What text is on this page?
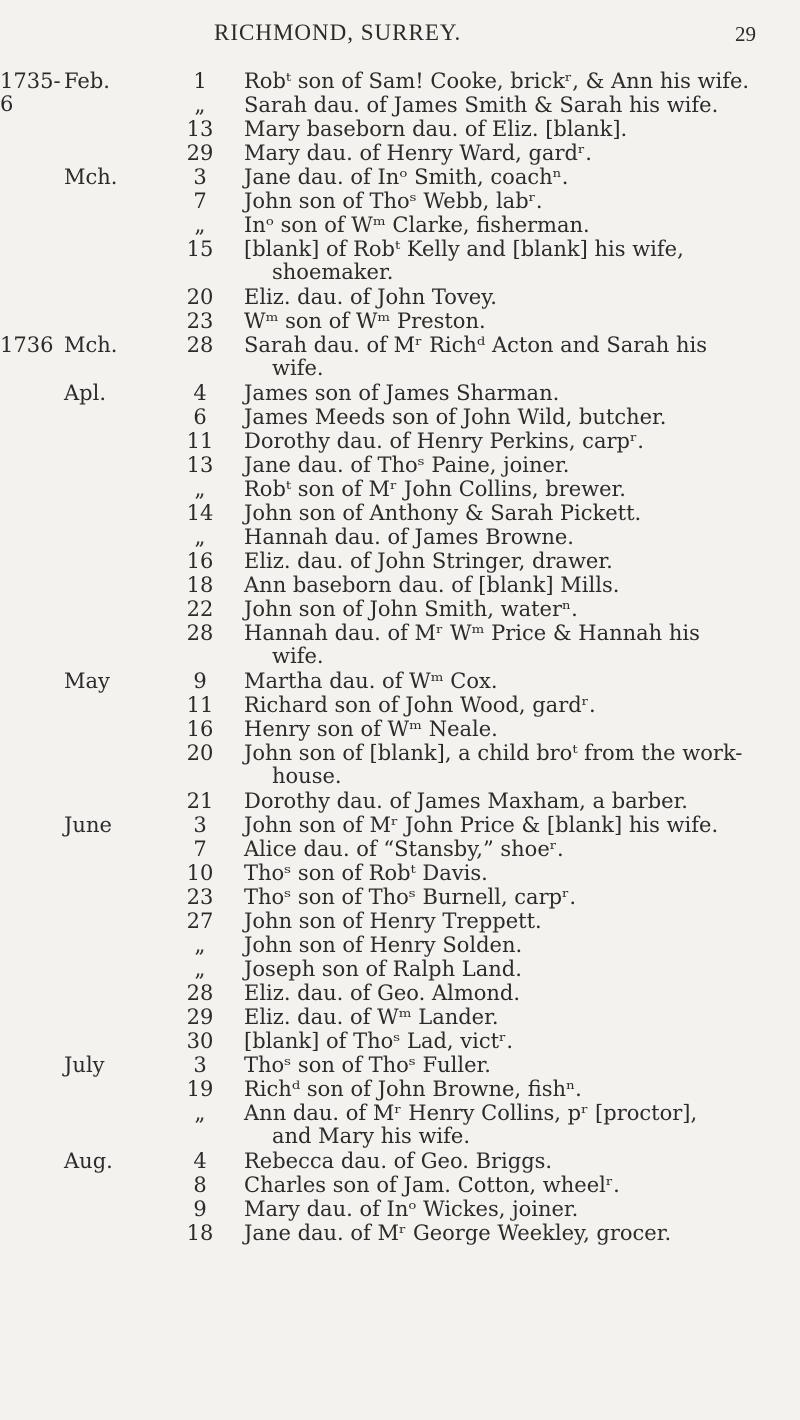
RICHMOND, SURREY.	29
1735-6
Feb.	1	Robᵗ son of Sam! Cooke, brickʳ, & Ann his wife.
„	Sarah dau. of James Smith & Sarah his wife.
13	Mary baseborn dau. of Eliz. [blank].
29	Mary dau. of Henry Ward, gardʳ.
Mch.	3	Jane dau. of Inᵒ Smith, coachⁿ.
7	John son of Thoˢ Webb, labʳ.
„	Inᵒ son of Wᵐ Clarke, fisherman.
15	[blank] of Robᵗ Kelly and [blank] his wife,
shoemaker.
20	Eliz. dau. of John Tovey.
23	Wᵐ son of Wᵐ Preston.
1736 Mch.	28	Sarah dau. of Mʳ Richᵈ Acton and Sarah his
wife.
Apl.	4	James son of James Sharman.
6	James Meeds son of John Wild, butcher.
11	Dorothy dau. of Henry Perkins, carpʳ.
13	Jane dau. of Thoˢ Paine, joiner.
„	Robᵗ son of Mʳ John Collins, brewer.
14	John son of Anthony & Sarah Pickett.
„	Hannah dau. of James Browne.
16	Eliz. dau. of John Stringer, drawer.
18	Ann baseborn dau. of [blank] Mills.
22	John son of John Smith, waterⁿ.
28	Hannah dau. of Mʳ Wᵐ Price & Hannah his
wife.
May	9	Martha dau. of Wᵐ Cox.
11	Richard son of John Wood, gardʳ.
16	Henry son of Wᵐ Neale.
20	John son of [blank], a child broᵗ from the work-
house.
21	Dorothy dau. of James Maxham, a barber.
June	3	John son of Mʳ John Price & [blank] his wife.
7	Alice dau. of “Stansby,” shoeʳ.
10	Thoˢ son of Robᵗ Davis.
23	Thoˢ son of Thoˢ Burnell, carpʳ.
27	John son of Henry Treppett.
„	John son of Henry Solden.
„	Joseph son of Ralph Land.
28	Eliz. dau. of Geo. Almond.
29	Eliz. dau. of Wᵐ Lander.
30	[blank] of Thoˢ Lad, victʳ.
July	3	Thoˢ son of Thoˢ Fuller.
19	Richᵈ son of John Browne, fishⁿ.
„	Ann dau. of Mʳ Henry Collins, pʳ [proctor],
and Mary his wife.
Aug.	4	Rebecca dau. of Geo. Briggs.
8	Charles son of Jam. Cotton, wheelʳ.
9	Mary dau. of Inᵒ Wickes, joiner.
18	Jane dau. of Mʳ George Weekley, grocer.
